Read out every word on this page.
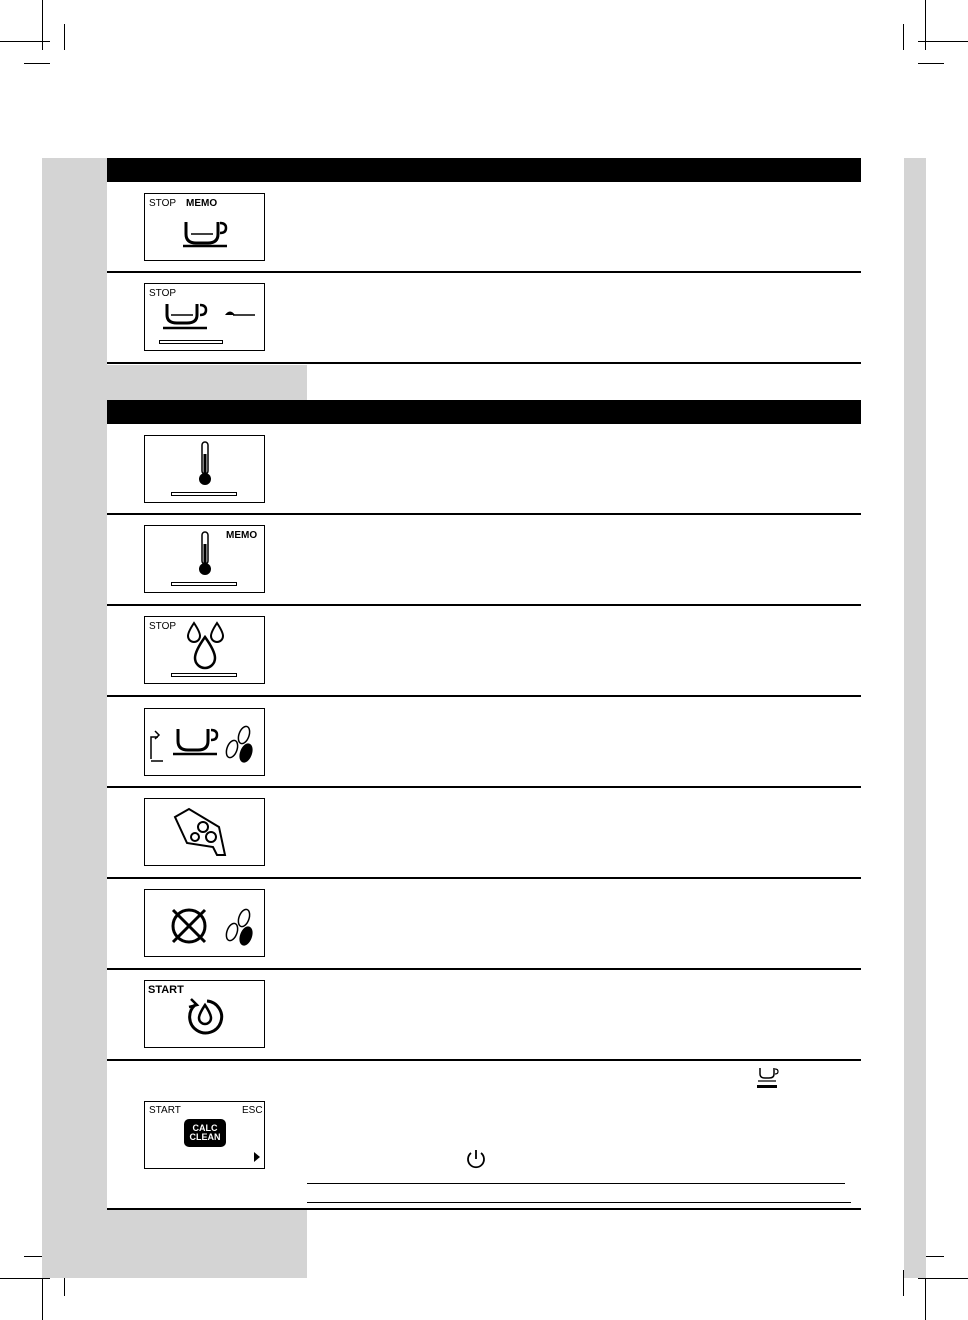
STOP MEMO
STOP
MEMO
STOP
START
START	ESC
CALC
CLEAN
